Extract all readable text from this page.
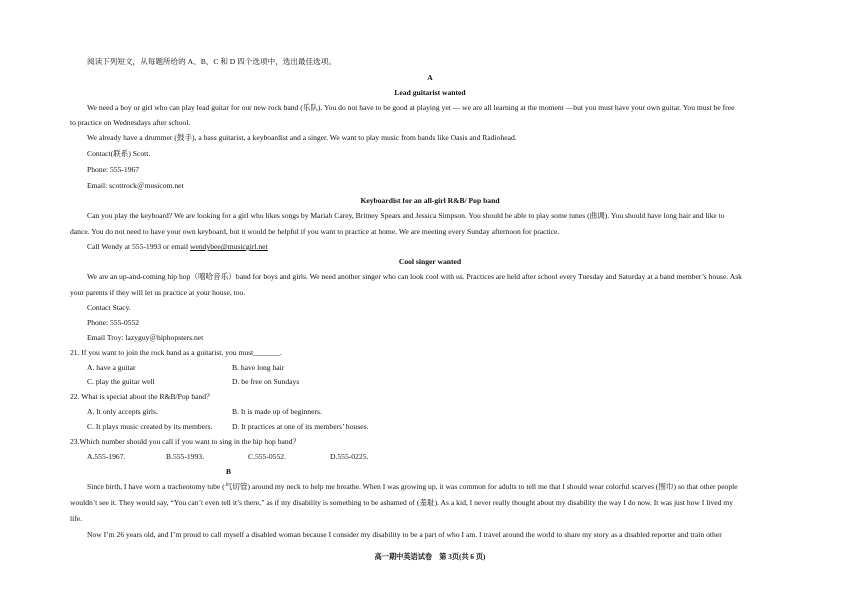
阅读下列短文，从每题所给的 A、B、C 和 D 四个选项中，选出最佳选项。
A
Lead guitarist wanted
We need a boy or girl who can play lead guitar for our new rock band (乐队). You do not have to be good at playing yet — we are all learning at the moment —but you must have your own guitar. You must be free
to practice on Wednesdays after school.
We already have a drummer (鼓手), a bass guitarist, a keyboardist and a singer. We want to play music from bands like Oasis and Radiohead.
Contact(联系) Scott.
Phone: 555-1967
Email: scottrock＠musicom.net
Keyboardist for an all-girl R&B/ Pop band
Can you play the keyboard? We are looking for a girl who likes songs by Mariah Carey, Britney Spears and Jessica Simpson. You should be able to play some tunes (曲调). You should have long hair and like to
dance. You do not need to have your own keyboard, but it would be helpful if you want to practice at home. We are meeting every Sunday afternoon for practice.
Call Wendy at 555-1993 or email wendybee@musicgirl.net
Cool singer wanted
We are an up-and-coming hip hop（嘻哈音乐）band for boys and girls. We need another singer who can look cool with us. Practices are held after school every Tuesday and Saturday at a band member’s house. Ask
your parents if they will let us practice at your house, too.
Contact Stacy.
Phone: 555-0552
Email Troy: lazyguy＠hiphopsters.net
21. If you want to join the rock band as a guitarist, you must_______.
A. have a guitar	B. have long hair
C. play the guitar well	D. be free on Sundays
22. What is special about the R&B/Pop band？
A. It only accepts girls.	B. It is made up of beginners.
C. It plays music created by its members.	D. It practices at one of its members’ houses.
23.Which number should you call if you want to sing in the hip hop band？
A.555-1967.	B.555-1993.	C.555-0552.	D.555-0225.
B
Since birth, I have worn a tracheotomy tube (气切管) around my neck to help me breathe. When I was growing up, it was common for adults to tell me that I should wear colorful scarves (围巾) so that other people
wouldn’t see it. They would say, “You can’t even tell it’s there,” as if my disability is something to be ashamed of (羞耻). As a kid, I never really thought about my disability the way I do now. It was just how I lived my
life.
Now I’m 26 years old, and I’m proud to call myself a disabled woman because I consider my disability to be a part of who I am. I travel around the world to share my story as a disabled reporter and train other
高一期中英语试卷　第 3页(共 6 页)
